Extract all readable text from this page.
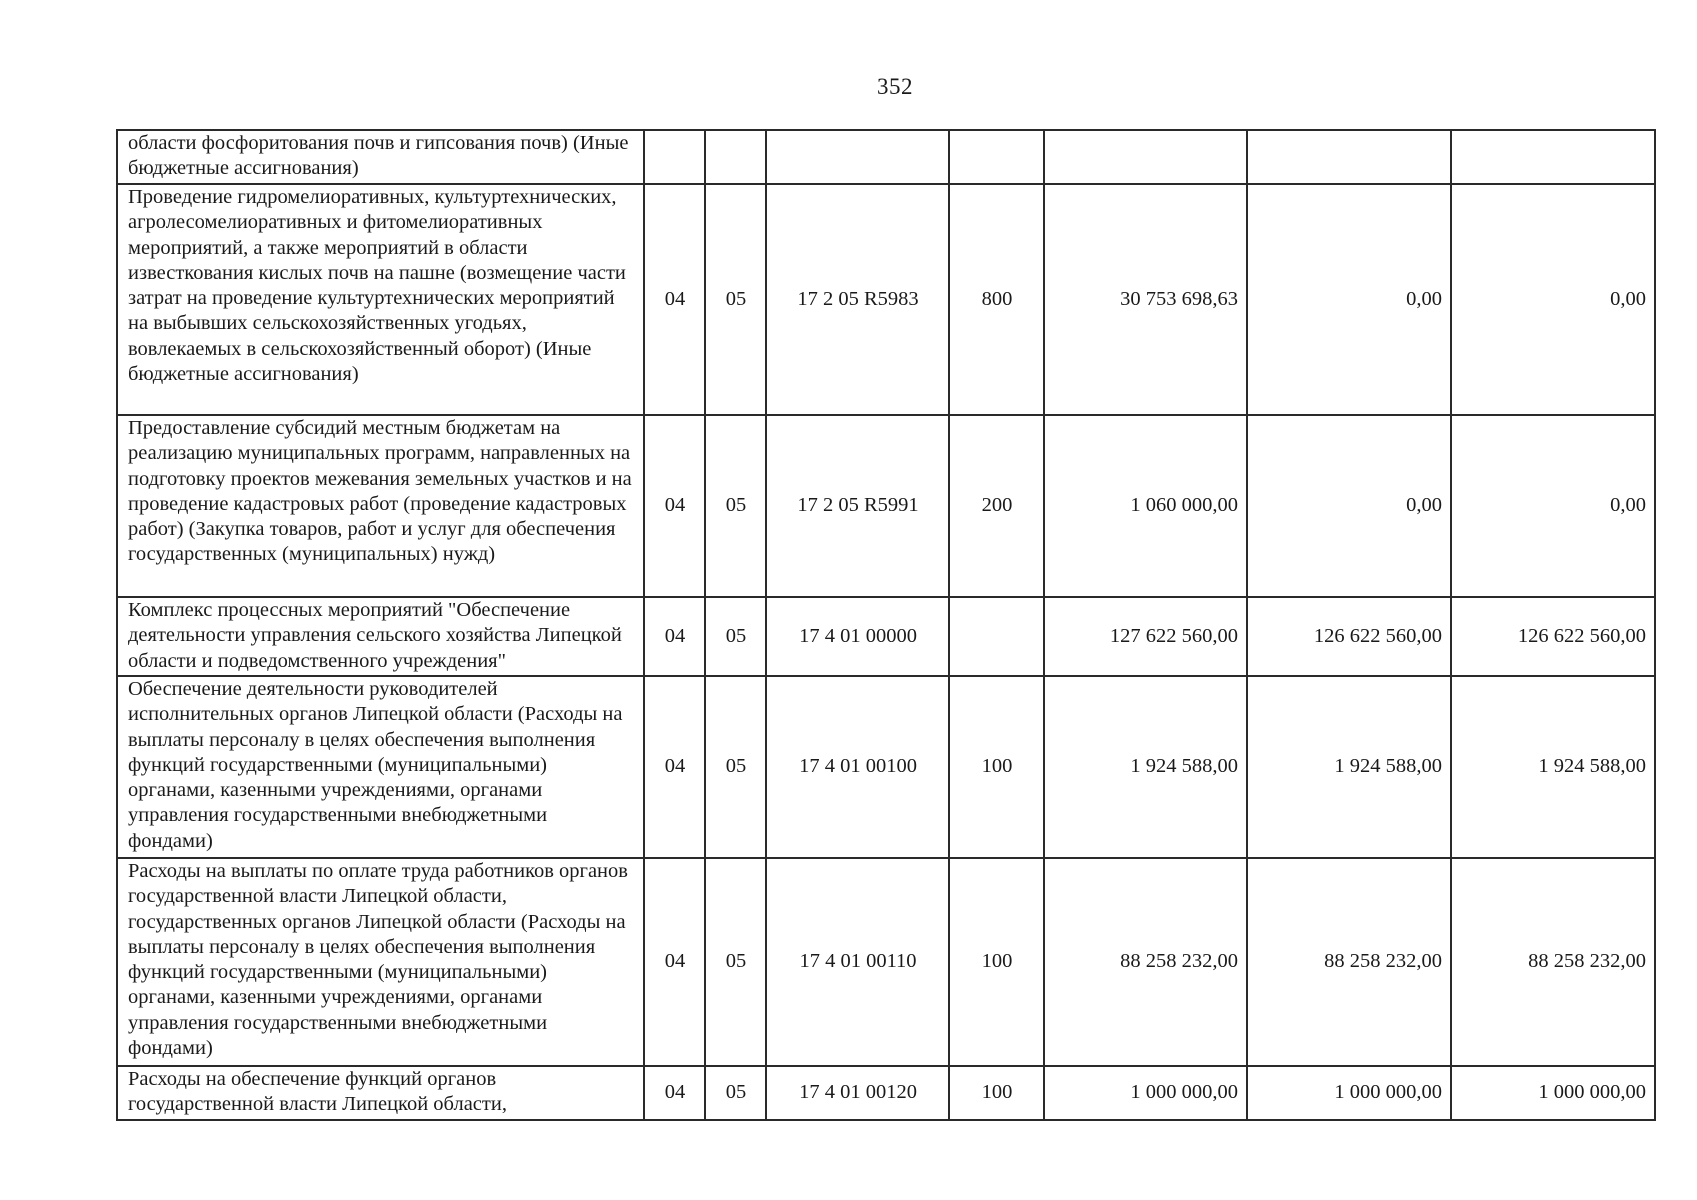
352
области фосфоритования почв и гипсования почв) (Иные бюджетные ассигнования)							
Проведение гидромелиоративных, культуртехнических, агролесомелиоративных и фитомелиоративных мероприятий, а также мероприятий в области известкования кислых почв на пашне (возмещение части затрат на проведение культуртехнических мероприятий на выбывших сельскохозяйственных угодьях, вовлекаемых в сельскохозяйственный оборот) (Иные бюджетные ассигнования)	04	05	17 2 05 R5983	800	30 753 698,63	0,00	0,00
Предоставление субсидий местным бюджетам на реализацию муниципальных программ, направленных на подготовку проектов межевания земельных участков и на проведение кадастровых работ (проведение кадастровых работ) (Закупка товаров, работ и услуг для обеспечения государственных (муниципальных) нужд)	04	05	17 2 05 R5991	200	1 060 000,00	0,00	0,00
Комплекс процессных мероприятий "Обеспечение деятельности управления сельского хозяйства Липецкой области и подведомственного учреждения"	04	05	17 4 01 00000		127 622 560,00	126 622 560,00	126 622 560,00
Обеспечение деятельности руководителей исполнительных органов Липецкой области (Расходы на выплаты персоналу в целях обеспечения выполнения функций государственными (муниципальными) органами, казенными учреждениями, органами управления государственными внебюджетными фондами)	04	05	17 4 01 00100	100	1 924 588,00	1 924 588,00	1 924 588,00
Расходы на выплаты по оплате труда работников органов государственной власти Липецкой области, государственных органов Липецкой области (Расходы на выплаты персоналу в целях обеспечения выполнения функций государственными (муниципальными) органами, казенными учреждениями, органами управления государственными внебюджетными фондами)	04	05	17 4 01 00110	100	88 258 232,00	88 258 232,00	88 258 232,00
Расходы на обеспечение функций органов государственной власти Липецкой области,	04	05	17 4 01 00120	100	1 000 000,00	1 000 000,00	1 000 000,00
